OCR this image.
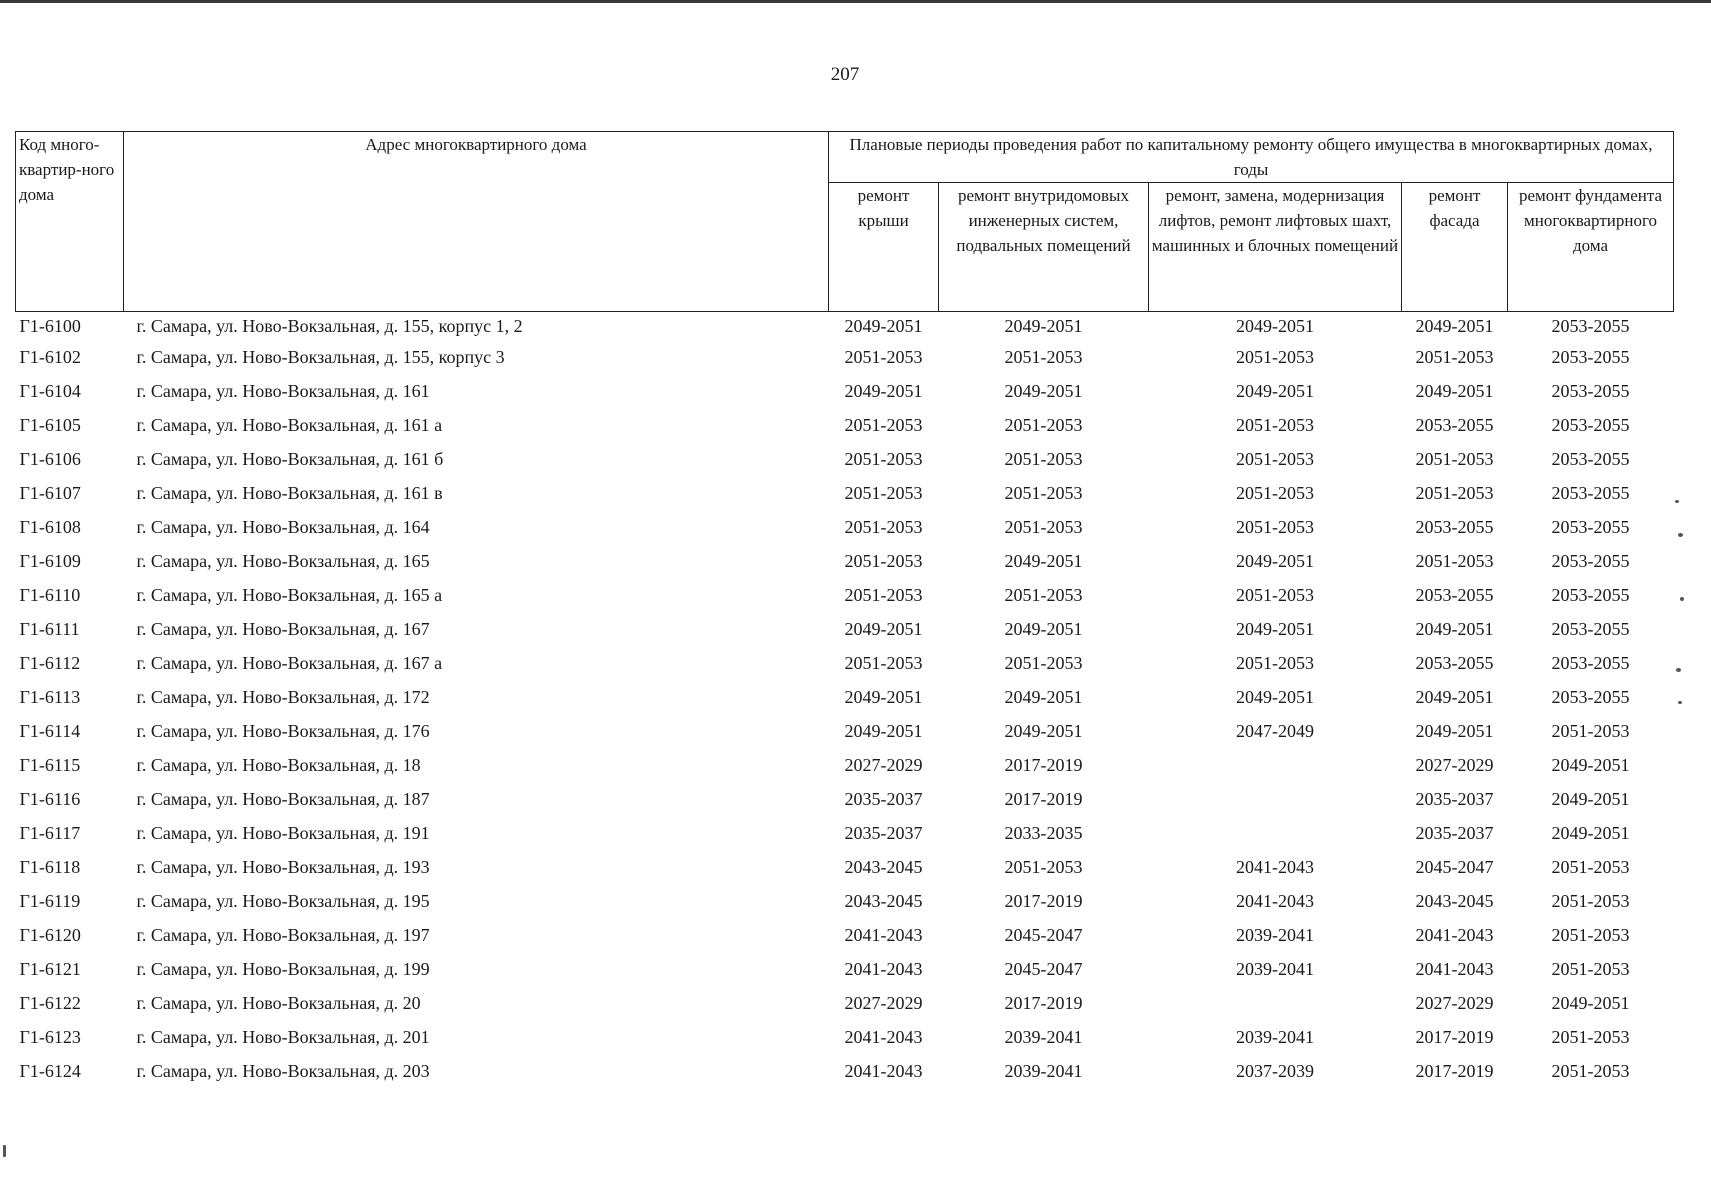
207
Код много-квартир-ного дома	Адрес многоквартирного дома	Плановые периоды проведения работ по капитальному ремонту общего имущества в многоквартирных домах, годы				
		ремонт крыши	ремонт внутридомовых инженерных систем, подвальных помещений	ремонт, замена, модернизация лифтов, ремонт лифтовых шахт, машинных и блочных помещений	ремонт фасада	ремонт фундамента многоквартирного дома
Г1-6100	г. Самара, ул. Ново-Вокзальная, д. 155, корпус 1, 2	2049-2051	2049-2051	2049-2051	2049-2051	2053-2055
Г1-6102	г. Самара, ул. Ново-Вокзальная, д. 155, корпус 3	2051-2053	2051-2053	2051-2053	2051-2053	2053-2055
Г1-6104	г. Самара, ул. Ново-Вокзальная, д. 161	2049-2051	2049-2051	2049-2051	2049-2051	2053-2055
Г1-6105	г. Самара, ул. Ново-Вокзальная, д. 161 а	2051-2053	2051-2053	2051-2053	2053-2055	2053-2055
Г1-6106	г. Самара, ул. Ново-Вокзальная, д. 161 б	2051-2053	2051-2053	2051-2053	2051-2053	2053-2055
Г1-6107	г. Самара, ул. Ново-Вокзальная, д. 161 в	2051-2053	2051-2053	2051-2053	2051-2053	2053-2055
Г1-6108	г. Самара, ул. Ново-Вокзальная, д. 164	2051-2053	2051-2053	2051-2053	2053-2055	2053-2055
Г1-6109	г. Самара, ул. Ново-Вокзальная, д. 165	2051-2053	2049-2051	2049-2051	2051-2053	2053-2055
Г1-6110	г. Самара, ул. Ново-Вокзальная, д. 165 а	2051-2053	2051-2053	2051-2053	2053-2055	2053-2055
Г1-6111	г. Самара, ул. Ново-Вокзальная, д. 167	2049-2051	2049-2051	2049-2051	2049-2051	2053-2055
Г1-6112	г. Самара, ул. Ново-Вокзальная, д. 167 а	2051-2053	2051-2053	2051-2053	2053-2055	2053-2055
Г1-6113	г. Самара, ул. Ново-Вокзальная, д. 172	2049-2051	2049-2051	2049-2051	2049-2051	2053-2055
Г1-6114	г. Самара, ул. Ново-Вокзальная, д. 176	2049-2051	2049-2051	2047-2049	2049-2051	2051-2053
Г1-6115	г. Самара, ул. Ново-Вокзальная, д. 18	2027-2029	2017-2019		2027-2029	2049-2051
Г1-6116	г. Самара, ул. Ново-Вокзальная, д. 187	2035-2037	2017-2019		2035-2037	2049-2051
Г1-6117	г. Самара, ул. Ново-Вокзальная, д. 191	2035-2037	2033-2035		2035-2037	2049-2051
Г1-6118	г. Самара, ул. Ново-Вокзальная, д. 193	2043-2045	2051-2053	2041-2043	2045-2047	2051-2053
Г1-6119	г. Самара, ул. Ново-Вокзальная, д. 195	2043-2045	2017-2019	2041-2043	2043-2045	2051-2053
Г1-6120	г. Самара, ул. Ново-Вокзальная, д. 197	2041-2043	2045-2047	2039-2041	2041-2043	2051-2053
Г1-6121	г. Самара, ул. Ново-Вокзальная, д. 199	2041-2043	2045-2047	2039-2041	2041-2043	2051-2053
Г1-6122	г. Самара, ул. Ново-Вокзальная, д. 20	2027-2029	2017-2019		2027-2029	2049-2051
Г1-6123	г. Самара, ул. Ново-Вокзальная, д. 201	2041-2043	2039-2041	2039-2041	2017-2019	2051-2053
Г1-6124	г. Самара, ул. Ново-Вокзальная, д. 203	2041-2043	2039-2041	2037-2039	2017-2019	2051-2053
